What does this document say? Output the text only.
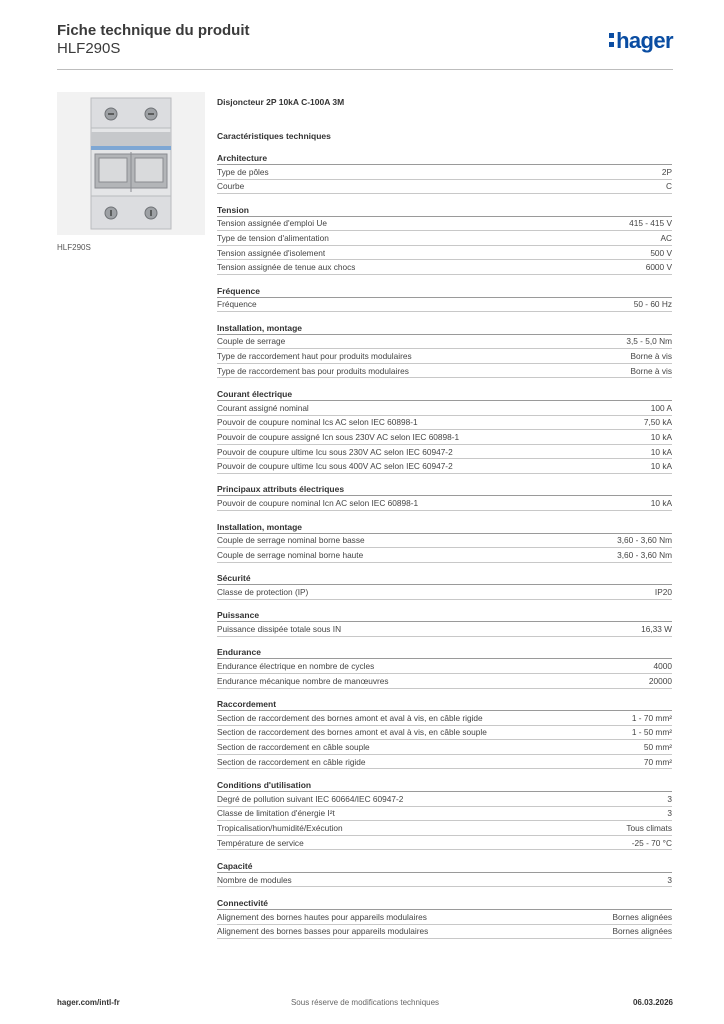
Fiche technique du produit
HLF290S	hager
HLF290S
Disjoncteur 2P 10kA C-100A 3M
Caractéristiques techniques
Architecture
Type de pôles	2P
Courbe	C
Tension
Tension assignée d'emploi Ue	415 - 415 V
Type de tension d'alimentation	AC
Tension assignée d'isolement	500 V
Tension assignée de tenue aux chocs	6000 V
Fréquence
Fréquence	50 - 60 Hz
Installation, montage
Couple de serrage	3,5 - 5,0 Nm
Type de raccordement haut pour produits modulaires	Borne à vis
Type de raccordement bas pour produits modulaires	Borne à vis
Courant électrique
Courant assigné nominal	100 A
Pouvoir de coupure nominal Ics AC selon IEC 60898-1	7,50 kA
Pouvoir de coupure assigné Icn sous 230V AC selon IEC 60898-1	10 kA
Pouvoir de coupure ultime Icu sous 230V AC selon IEC 60947-2	10 kA
Pouvoir de coupure ultime Icu sous 400V AC selon IEC 60947-2	10 kA
Principaux attributs électriques
Pouvoir de coupure nominal Icn AC selon IEC 60898-1	10 kA
Installation, montage
Couple de serrage nominal borne basse	3,60 - 3,60 Nm
Couple de serrage nominal borne haute	3,60 - 3,60 Nm
Sécurité
Classe de protection (IP)	IP20
Puissance
Puissance dissipée totale sous IN	16,33 W
Endurance
Endurance électrique en nombre de cycles	4000
Endurance mécanique nombre de manœuvres	20000
Raccordement
Section de raccordement des bornes amont et aval à vis, en câble rigide	1 - 70 mm²
Section de raccordement des bornes amont et aval à vis, en câble souple	1 - 50 mm²
Section de raccordement en câble souple	50 mm²
Section de raccordement en câble rigide	70 mm²
Conditions d'utilisation
Degré de pollution suivant IEC 60664/IEC 60947-2	3
Classe de limitation d'énergie I²t	3
Tropicalisation/humidité/Exécution	Tous climats
Température de service	-25 - 70 °C
Capacité
Nombre de modules	3
Connectivité
Alignement des bornes hautes pour appareils modulaires	Bornes alignées
Alignement des bornes basses pour appareils modulaires	Bornes alignées
hager.com/intl-fr	Sous réserve de modifications techniques	06.03.2026
